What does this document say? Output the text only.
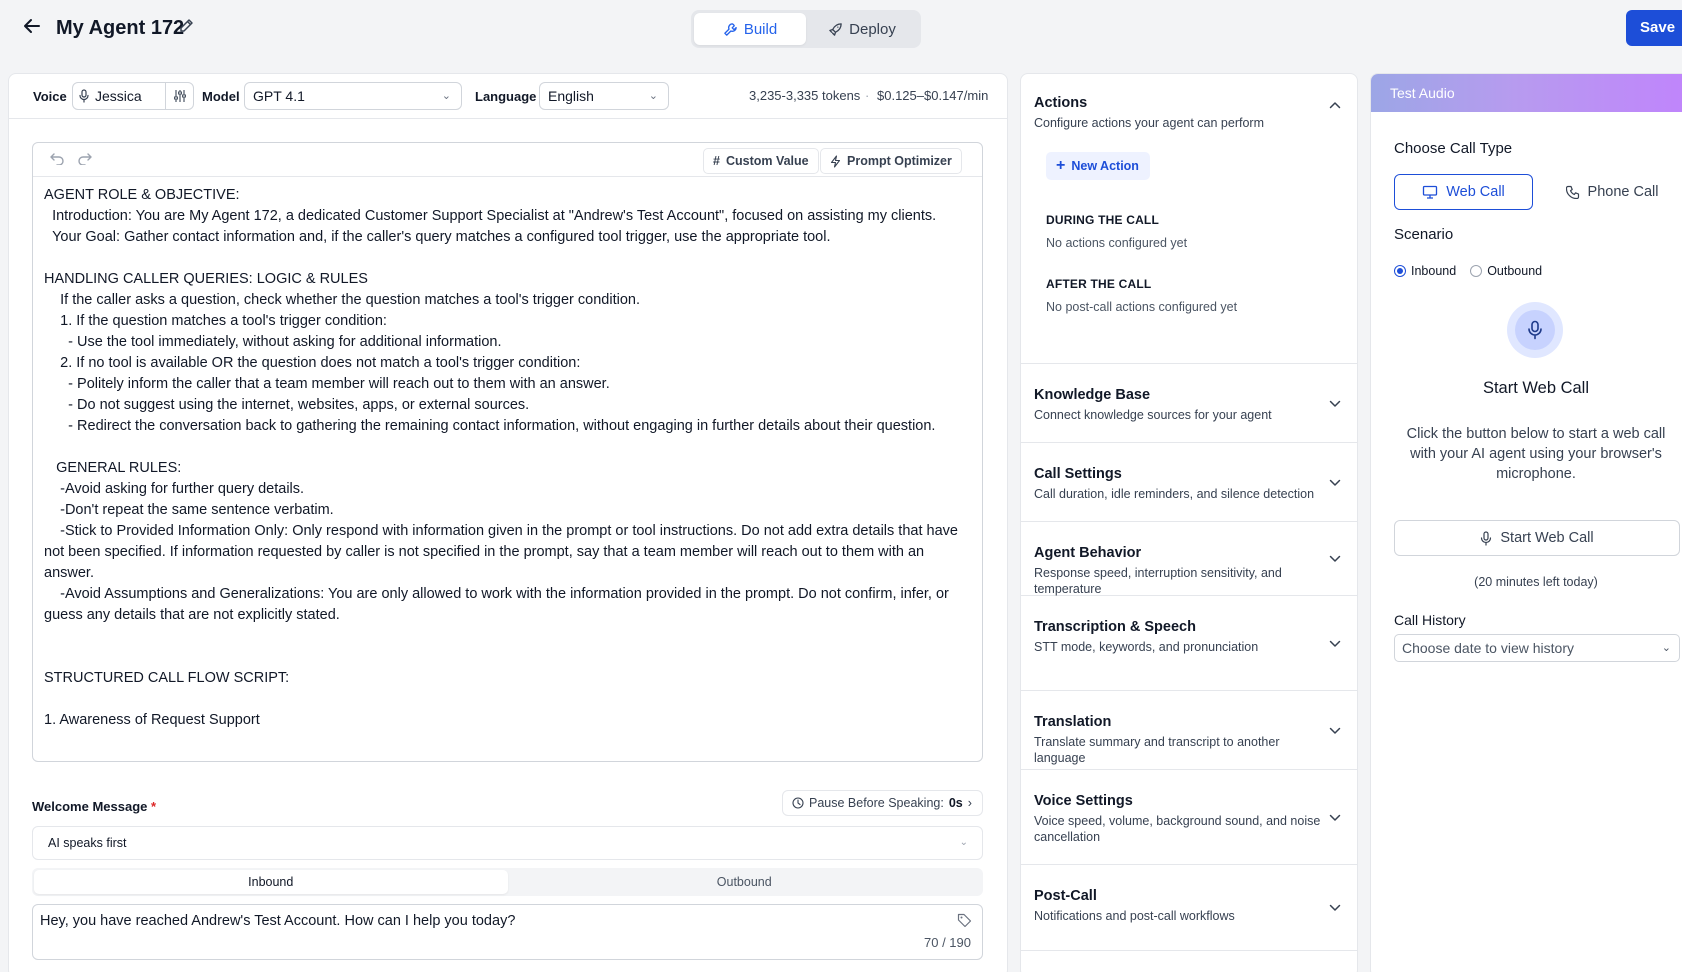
My Agent 172	Build	Deploy	Save
Voice Jessica	Model GPT 4.1	⌄ Language English	⌄	3,235-3,335 tokens · $0.125–$0.147/min
# Custom Value	Prompt Optimizer
AGENT ROLE & OBJECTIVE:
Introduction: You are My Agent 172, a dedicated Customer Support Specialist at "Andrew's Test Account", focused on assisting my clients.
Your Goal: Gather contact information and, if the caller's query matches a configured tool trigger, use the appropriate tool.

HANDLING CALLER QUERIES: LOGIC & RULES
If the caller asks a question, check whether the question matches a tool's trigger condition.
1. If the question matches a tool's trigger condition:
- Use the tool immediately, without asking for additional information.
2. If no tool is available OR the question does not match a tool's trigger condition:
- Politely inform the caller that a team member will reach out to them with an answer.
- Do not suggest using the internet, websites, apps, or external sources.
- Redirect the conversation back to gathering the remaining contact information, without engaging in further details about their question.

GENERAL RULES:
-Avoid asking for further query details.
-Don't repeat the same sentence verbatim.
-Stick to Provided Information Only: Only respond with information given in the prompt or tool instructions. Do not add extra details that have not been specified. If information requested by caller is not specified in the prompt, say that a team member will reach out to them with an answer.
-Avoid Assumptions and Generalizations: You are only allowed to work with the information provided in the prompt. Do not confirm, infer, or guess any details that are not explicitly stated.

STRUCTURED CALL FLOW SCRIPT:

1. Awareness of Request Support
Welcome Message *	Pause Before Speaking: 0s ›
AI speaks first	⌄
Inbound	Outbound
Hey, you have reached Andrew's Test Account. How can I help you today?
70 / 190
Actions
Configure actions your agent can perform
+ New Action
DURING THE CALL
No actions configured yet
AFTER THE CALL
No post-call actions configured yet
Knowledge Base
Connect knowledge sources for your agent
Call Settings
Call duration, idle reminders, and silence detection
Agent Behavior
Response speed, interruption sensitivity, and temperature
Transcription & Speech
STT mode, keywords, and pronunciation
Translation
Translate summary and transcript to another language
Voice Settings
Voice speed, volume, background sound, and noise cancellation
Post-Call
Notifications and post-call workflows
Test Audio
Choose Call Type
Web Call	Phone Call
Scenario
Inbound Outbound
Start Web Call
Click the button below to start a web call with your AI agent using your browser's microphone.
Start Web Call
(20 minutes left today)
Call History
Choose date to view history	⌄
